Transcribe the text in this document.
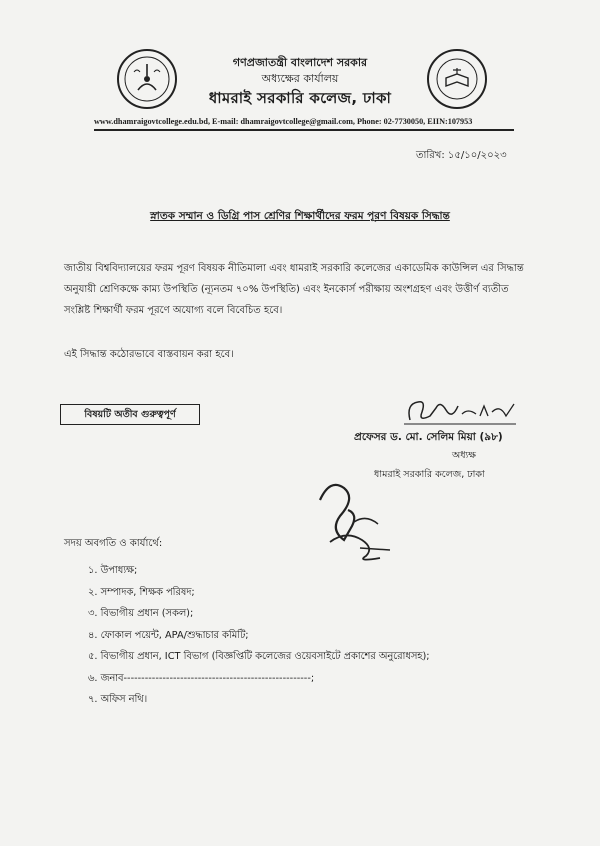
গণপ্রজাতন্ত্রী বাংলাদেশ সরকার
অধ্যক্ষের কার্যালয়
ধামরাই সরকারি কলেজ, ঢাকা
www.dhamraigovtcollege.edu.bd, E-mail: dhamraigovtcollege@gmail.com, Phone: 02-7730050, EIIN:107953
তারিখ: ১৫/১০/২০২৩
স্নাতক সম্মান ও ডিগ্রি পাস শ্রেণির শিক্ষার্থীদের ফরম পূরণ বিষয়ক সিদ্ধান্ত
জাতীয় বিশ্ববিদ্যালয়ের ফরম পূরণ বিষয়ক নীতিমালা এবং ধামরাই সরকারি কলেজের একাডেমিক কাউন্সিল এর সিদ্ধান্ত অনুযায়ী শ্রেণিকক্ষে কাম্য উপস্থিতি (ন্যূনতম ৭০% উপস্থিতি) এবং ইনকোর্স পরীক্ষায় অংশগ্রহণ এবং উত্তীর্ণ ব্যতীত সংশ্লিষ্ট শিক্ষার্থী ফরম পূরণে অযোগ্য বলে বিবেচিত হবে।
এই সিদ্ধান্ত কঠোরভাবে বাস্তবায়ন করা হবে।
বিষয়টি অতীব গুরুত্বপূর্ণ
প্রফেসর ড. মো. সেলিম মিয়া (৯৮)
অধ্যক্ষ
ধামরাই সরকারি কলেজ, ঢাকা
সদয় অবগতি ও কার্যার্থে:
১. উপাধ্যক্ষ;
২. সম্পাদক, শিক্ষক পরিষদ;
৩. বিভাগীয় প্রধান (সকল);
৪. ফোকাল পয়েন্ট, APA/শুদ্ধাচার কমিটি;
৫. বিভাগীয় প্রধান, ICT বিভাগ (বিজ্ঞপ্তিটি কলেজের ওয়েবসাইটে প্রকাশের অনুরোধসহ);
৬. জনাব-----------------------------------------------------;
৭. অফিস নথি।
